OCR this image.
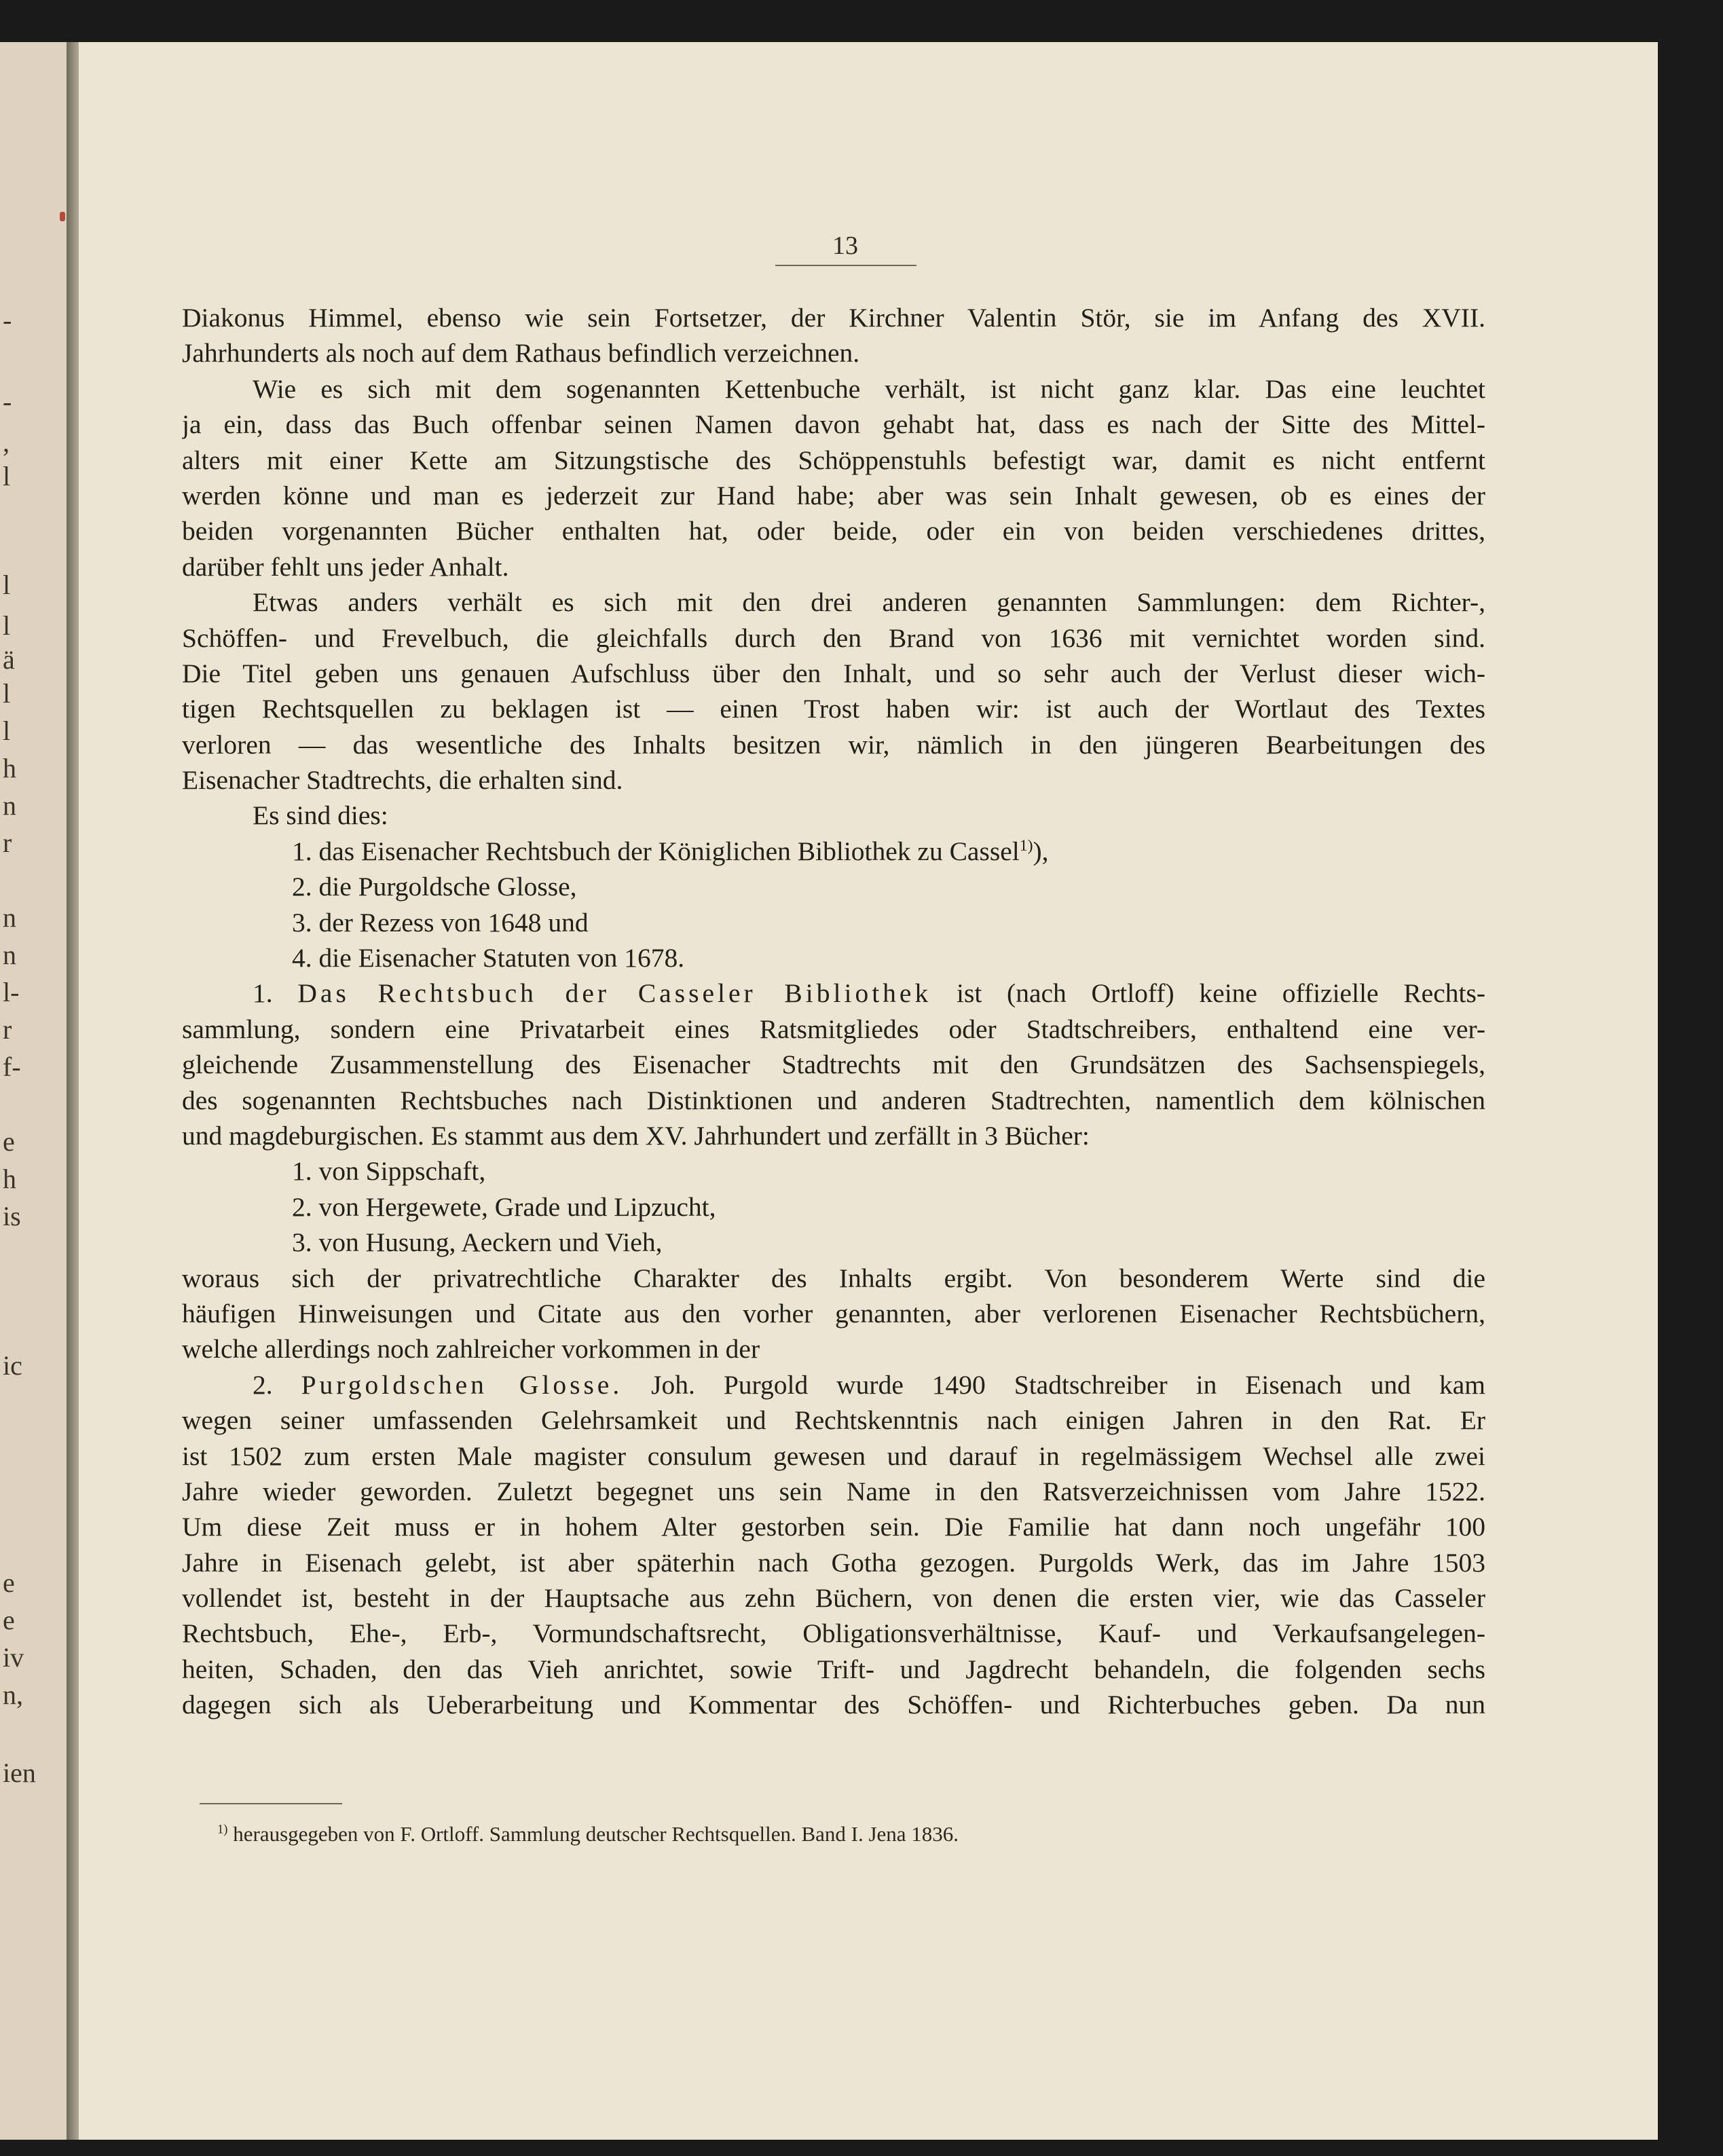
-
-
,
l
l
l
ä
l
l
h
n
r
n
n
l-
r
f-
e
h
is
ic
e
e
iv
n,
ien
13
Diakonus Himmel, ebenso wie sein Fortsetzer, der Kirchner Valentin Stör, sie im Anfang des XVII.
Jahrhunderts als noch auf dem Rathaus befindlich verzeichnen.
Wie es sich mit dem sogenannten Kettenbuche verhält, ist nicht ganz klar. Das eine leuchtet
ja ein, dass das Buch offenbar seinen Namen davon gehabt hat, dass es nach der Sitte des Mittel-
alters mit einer Kette am Sitzungstische des Schöppenstuhls befestigt war, damit es nicht entfernt
werden könne und man es jederzeit zur Hand habe; aber was sein Inhalt gewesen, ob es eines der
beiden vorgenannten Bücher enthalten hat, oder beide, oder ein von beiden verschiedenes drittes,
darüber fehlt uns jeder Anhalt.
Etwas anders verhält es sich mit den drei anderen genannten Sammlungen: dem Richter-,
Schöffen- und Frevelbuch, die gleichfalls durch den Brand von 1636 mit vernichtet worden sind.
Die Titel geben uns genauen Aufschluss über den Inhalt, und so sehr auch der Verlust dieser wich-
tigen Rechtsquellen zu beklagen ist — einen Trost haben wir: ist auch der Wortlaut des Textes
verloren — das wesentliche des Inhalts besitzen wir, nämlich in den jüngeren Bearbeitungen des
Eisenacher Stadtrechts, die erhalten sind.
Es sind dies:
1. das Eisenacher Rechtsbuch der Königlichen Bibliothek zu Cassel$^{1)}$),
2. die Purgoldsche Glosse,
3. der Rezess von 1648 und
4. die Eisenacher Statuten von 1678.
1. Das Rechtsbuch der Casseler Bibliothek ist (nach Ortloff) keine offizielle Rechts-
sammlung, sondern eine Privatarbeit eines Ratsmitgliedes oder Stadtschreibers, enthaltend eine ver-
gleichende Zusammenstellung des Eisenacher Stadtrechts mit den Grundsätzen des Sachsenspiegels,
des sogenannten Rechtsbuches nach Distinktionen und anderen Stadtrechten, namentlich dem kölnischen
und magdeburgischen. Es stammt aus dem XV. Jahrhundert und zerfällt in 3 Bücher:
1. von Sippschaft,
2. von Hergewete, Grade und Lipzucht,
3. von Husung, Aeckern und Vieh,
woraus sich der privatrechtliche Charakter des Inhalts ergibt. Von besonderem Werte sind die
häufigen Hinweisungen und Citate aus den vorher genannten, aber verlorenen Eisenacher Rechtsbüchern,
welche allerdings noch zahlreicher vorkommen in der
2. Purgoldschen Glosse. Joh. Purgold wurde 1490 Stadtschreiber in Eisenach und kam
wegen seiner umfassenden Gelehrsamkeit und Rechtskenntnis nach einigen Jahren in den Rat. Er
ist 1502 zum ersten Male magister consulum gewesen und darauf in regelmässigem Wechsel alle zwei
Jahre wieder geworden. Zuletzt begegnet uns sein Name in den Ratsverzeichnissen vom Jahre 1522.
Um diese Zeit muss er in hohem Alter gestorben sein. Die Familie hat dann noch ungefähr 100
Jahre in Eisenach gelebt, ist aber späterhin nach Gotha gezogen. Purgolds Werk, das im Jahre 1503
vollendet ist, besteht in der Hauptsache aus zehn Büchern, von denen die ersten vier, wie das Casseler
Rechtsbuch, Ehe-, Erb-, Vormundschaftsrecht, Obligationsverhältnisse, Kauf- und Verkaufsangelegen-
heiten, Schaden, den das Vieh anrichtet, sowie Trift- und Jagdrecht behandeln, die folgenden sechs
dagegen sich als Ueberarbeitung und Kommentar des Schöffen- und Richterbuches geben. Da nun
$^{1)}$ herausgegeben von F. Ortloff. Sammlung deutscher Rechtsquellen. Band I. Jena 1836.
